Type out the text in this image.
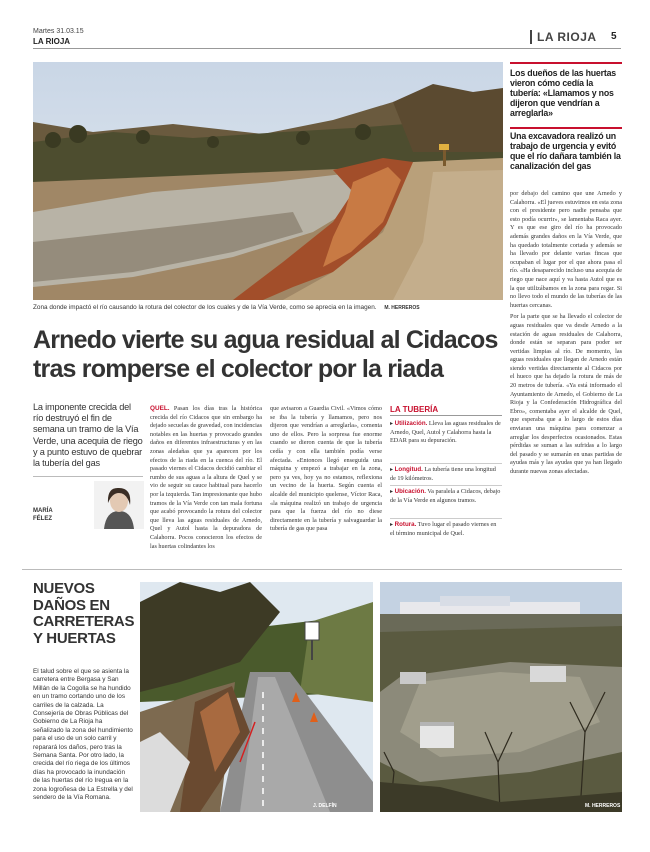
Martes 31.03.15
LA RIOJA	LA RIOJA 5
Zona donde impactó el río causando la rotura del colector de los cuales y de la Vía Verde, como se aprecia en la imagen. M. HERREROS
Los dueños de las huertas vieron cómo cedía la tubería: «Llamamos y nos dijeron que vendrían a arreglarla»
Una excavadora realizó un trabajo de urgencia y evitó que el río dañara también la canalización del gas

por debajo del camino que une Arnedo y Calahorra. «El jueves estuvimos en esta zona con el presidente pero nadie pensaba que esto podía ocurrir», se lamentaba Raca ayer. Y es que ese giro del río ha provocado además grandes daños en la Vía Verde, que ha quedado totalmente cortada y además se ha llevado por delante varias fincas que ocupaban el lugar por el que ahora pasa el río. «Ha desaparecido incluso una acequia de riego que nace aquí y va hasta Autol que es la que utilizábamos en la zona para regar. Si no llevo todo el mundo de las tuberías de las huertas cercanas.

Por la parte que se ha llevado el colector de aguas residuales que va desde Arnedo a la estación de aguas residuales de Calahorra, donde están se separan para poder ser vertidas limpias al río. De momento, las aguas residuales que llegan de Arnedo están siendo vertidas directamente al Cidacos por el hueco que ha dejado la rotura de más de 20 metros de tubería. «Ya está informado el Ayuntamiento de Arnedo, el Gobierno de La Rioja y la Confederación Hidrográfica del Ebro», comentaba ayer el alcalde de Quel, que esperaba que a lo largo de estos días enviaran una máquina para comenzar a arreglar los desperfectos ocasionados. Estas pérdidas se suman a las sufridas a lo largo del pasado y se sumarán en unas partidas de ayudas más y las ayudas que ya han llegado durante nuevas zonas afectadas.

Arnedo vierte su agua residual al Cidacos tras romperse el colector por la riada
La imponente crecida del río destruyó el fin de semana un tramo de la Vía Verde, una acequia de riego y a punto estuvo de quebrar la tubería del gas
MARÍA
FÉLEZ
QUEL. Pasan los días tras la histórica crecida del río Cidacos que sin embargo ha dejado secuelas de gravedad, con incidencias notables en las huertas y provocado grandes daños en diferentes infraestructuras y en las zonas aledañas que ya aparecen por los efectos de la riada en la cuenca del río. El pasado viernes el Cidacos decidió cambiar el rumbo de sus aguas a la altura de Quel y se vio de seguir su cauce habitual para hacerlo por la izquierda. Tan impresionante que hubo tramos de la Vía Verde con tan mala fortuna que acabó provocando la rotura del colector que lleva las aguas residuales de Arnedo, Quel y Autol hasta la depuradora de Calahorra. Pocos conocieron los efectos de las huertas colindantes los
que avisaron a Guardia Civil. «Vimos cómo se iba la tubería y llamamos, pero nos dijeron que vendrían a arreglarla», comenta uno de ellos. Pero la sorpresa fue enorme cuando se dieron cuenta de que la tubería cedía y con ella también podía verse afectada. «Entonces llegó enseguida una máquina y empezó a trabajar en la zona, pero ya ves, hoy ya no estamos, reflexiona un vecino de la huerta. Según cuenta el alcalde del municipio quelense, Víctor Raca, «la máquina realizó un trabajo de urgencia para que la fuerza del río no diese directamente en la tubería y salvaguardar la tubería de gas que pasa
LA TUBERÍA
▸ Utilización. Lleva las aguas residuales de Arnedo, Quel, Autol y Calahorra hasta la EDAR para su depuración.
▸ Longitud. La tubería tiene una longitud de 19 kilómetros.
▸ Ubicación. Va paralela a Cidacos, debajo de la Vía Verde en algunos tramos.
▸ Rotura. Tuvo lugar el pasado viernes en el término municipal de Quel.
NUEVOS DAÑOS EN CARRETERAS Y HUERTAS
El talud sobre el que se asienta la carretera entre Bergasa y San Millán de la Cogolla se ha hundido en un tramo cortando uno de los carriles de la calzada. La Consejería de Obras Públicas del Gobierno de La Rioja ha señalizado la zona del hundimiento para el uso de un solo carril y reparará los daños, pero tras la Semana Santa. Por otro lado, la crecida del río riega de los últimos días ha provocado la inundación de las huertas del río Iregua en la zona logroñesa de La Estrella y del sendero de la Vía Romana.
J. DELFÍN	M. HERREROS
